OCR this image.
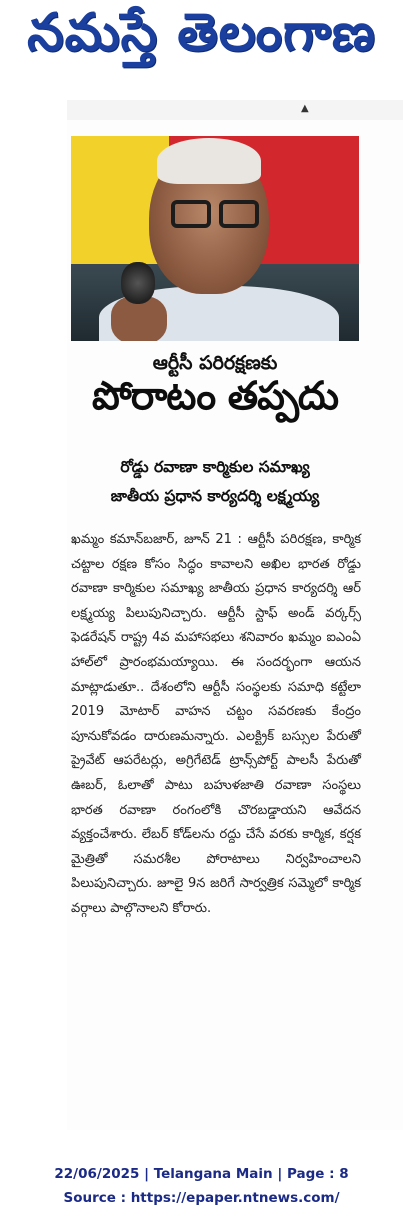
నమస్తే తెలంగాణ
▲
ఆర్టీసీ పరిరక్షణకు
పోరాటం తప్పదు
రోడ్డు రవాణా కార్మికుల సమాఖ్య
జాతీయ ప్రధాన కార్యదర్శి లక్ష్మయ్య
ఖమ్మం కమాన్‌బజార్, జూన్ 21 : ఆర్టీసీ పరిరక్షణ, కార్మిక చట్టాల రక్షణ కోసం సిద్ధం కావాలని అఖిల భారత రోడ్డు రవాణా కార్మికుల సమాఖ్య జాతీయ ప్రధాన కార్యదర్శి ఆర్ లక్ష్మయ్య పిలుపునిచ్చారు. ఆర్టీసీ స్టాఫ్ అండ్ వర్కర్స్ ఫెడరేషన్ రాష్ట్ర 4వ మహాసభలు శనివారం ఖమ్మం ఐఎంఏ హాల్‌లో ప్రారంభమయ్యాయి. ఈ సందర్భంగా ఆయన మాట్లాడుతూ.. దేశంలోని ఆర్టీసీ సంస్థలకు సమాధి కట్టేలా 2019 మోటార్ వాహన చట్టం సవరణకు కేంద్రం పూనుకోవడం దారుణమన్నారు. ఎలక్ట్రిక్ బస్సుల పేరుతో ప్రైవేట్ ఆపరేటర్లు, అగ్రిగేటెడ్ ట్రాన్స్‌పోర్ట్ పాలసీ పేరుతో ఊబర్, ఓలాతో పాటు బహుళజాతి రవాణా సంస్థలు భారత రవాణా రంగంలోకి చొరబడ్డాయని ఆవేదన వ్యక్తంచేశారు. లేబర్ కోడ్‌లను రద్దు చేసే వరకు కార్మిక, కర్షక మైత్రితో సమరశీల పోరాటాలు నిర్వహించాలని పిలుపునిచ్చారు. జూలై 9న జరిగే సార్వత్రిక సమ్మెలో కార్మిక వర్గాలు పాల్గొనాలని కోరారు.
22/06/2025 | Telangana Main | Page : 8
Source : https://epaper.ntnews.com/
